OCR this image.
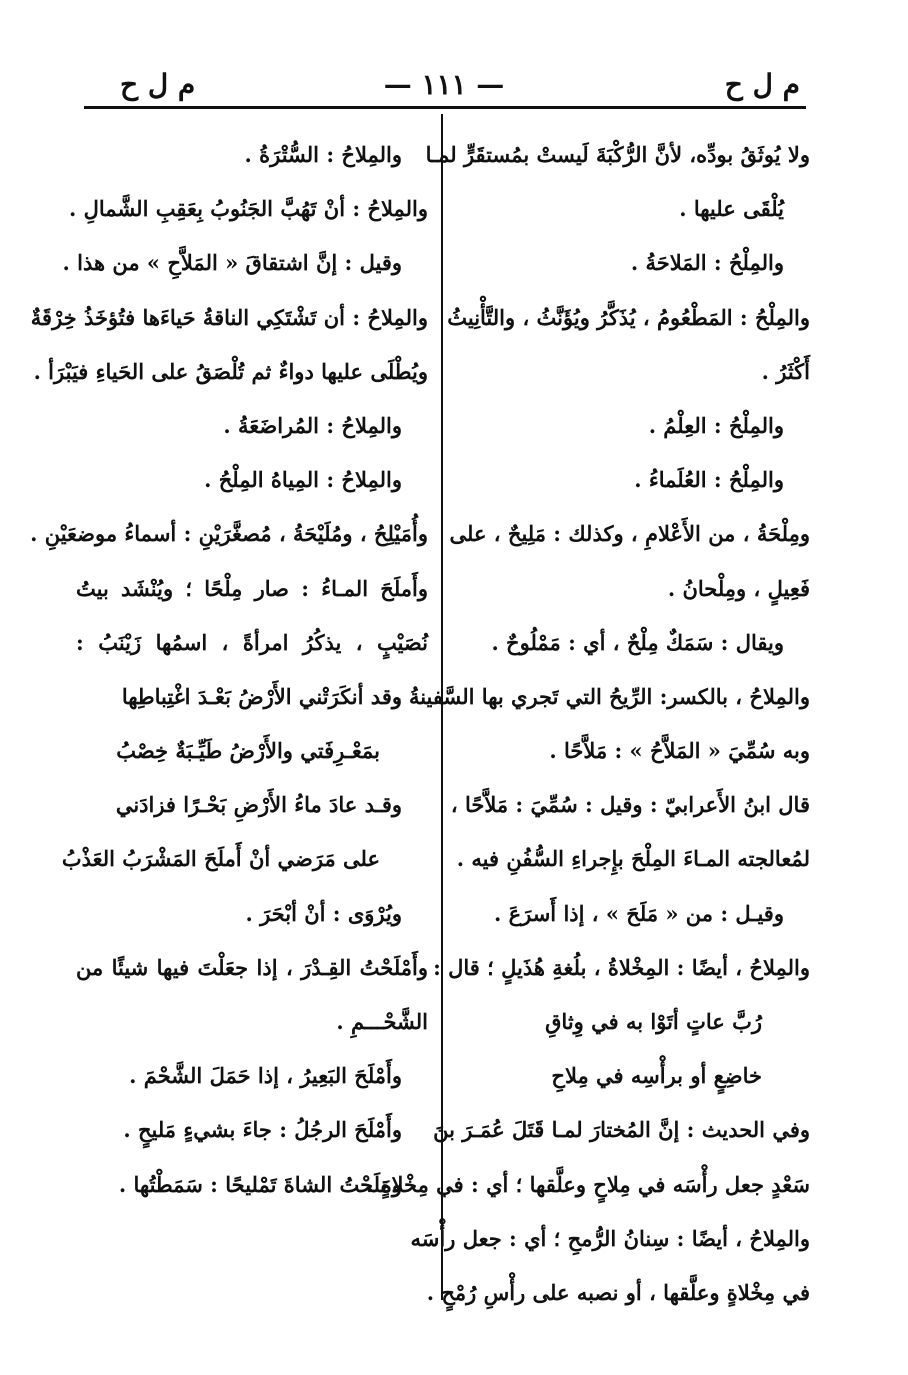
م ل ح
— ١١١ —
م ل ح
ولا يُوثَقُ بودِّه، لأنَّ الرُّكْبَةَ لَيستْ بمُستقَرٍّ لمـا
يُلْقَى عليها .
والمِلْحُ : المَلاحَةُ .
والمِلْحُ : المَطْعُومُ ، يُذَكَّرُ ويُؤَنَّثُ ، والتَّأْنِيثُ
أَكْثَرُ .
والمِلْحُ : العِلْمُ .
والمِلْحُ : العُلَماءُ .
ومِلْحَةُ ، من الأَعْلامِ ، وكذلك : مَلِيحٌ ، على
فَعِيلٍ ، ومِلْحانُ .
ويقال : سَمَكٌ مِلْحٌ ، أي : مَمْلُوحٌ .
والمِلاحُ ، بالكسر: الرِّيحُ التي تَجري بها السَّفينةُ ،
وبه سُمِّيَ « المَلاَّحُ » : مَلاَّحًا .
قال ابنُ الأَعرابيّ : وقيل : سُمِّيَ : مَلاَّحًا ،
لمُعالجته المـاءَ المِلْحَ بإِجراءِ السُّفُنِ فيه .
وقيـل : من « مَلَحَ » ، إذا أَسرَعَ .
والمِلاحُ ، أيضًا : المِخْلاةُ ، بلُغةِ هُذَيلٍ ؛ قال :
رُبَّ عاتٍ أتَوْا به في وِثاقِ
خاضِعٍ أو برأْسِه في مِلاحِ
وفي الحديث : إنَّ المُختارَ لمـا قَتَلَ عُمَـرَ بنَ
سَعْدٍ جعل رأْسَه في مِلاحٍ وعلَّقها ؛ أي : في مِخْلاةٍ .
والمِلاحُ ، أيضًا : سِنانُ الرُّمحِ ؛ أي : جعل رأْسَه
في مِخْلاةٍ وعلَّقها ، أو نصبه على رأْسِ رُمْحٍ .
والمِلاحُ : السُّتْرَةُ .
والمِلاحُ : أنْ تَهُبَّ الجَنُوبُ بِعَقِبِ الشَّمالِ .
وقيل : إنَّ اشتقاقَ « المَلاَّحِ » من هذا .
والمِلاحُ : أن تَشْتَكِي الناقةُ حَياءَها فتُؤخَذُ خِرْقَةٌ
ويُطْلَى عليها دواءٌ ثم تُلْصَقُ على الحَياءِ فيَبْرَأ .
والمِلاحُ : المُراضَعَةُ .
والمِلاحُ : المِياهُ المِلْحُ .
وأُمَيْلِحُ ، ومُلَيْحَةُ ، مُصغَّرَيْنِ : أسماءُ موضعَيْنِ .
وأَملَحَ المـاءُ : صار مِلْحًا ؛ ويُنْشَد بيتُ
نُصَيْبٍ ، يذكُرُ امرأةً ، اسمُها زَيْنَبُ :
وقد أنكَرَتْني الأَرْضُ بَعْـدَ اغْتِباطِها
بمَعْـرِفَتي والأَرْضُ طَيِّـبَةٌ خِصْبُ
وقـد عادَ ماءُ الأَرْضِ بَحْـرًا فزادَني
على مَرَضي أنْ أَملَحَ المَشْرَبُ العَذْبُ
ويُرْوَى : أنْ أبْحَرَ .
وأَمْلَحْتُ القِـدْرَ ، إذا جعَلْتَ فيها شيئًا من
الشَّحْـــمِ .
وأَمْلَحَ البَعِيرُ ، إذا حَمَلَ الشَّحْمَ .
وأَمْلَحَ الرجُلُ : جاءَ بشيءٍ مَليحٍ .
ومَلَحْتُ الشاةَ تَمْليحًا : سَمَطْتُها .
